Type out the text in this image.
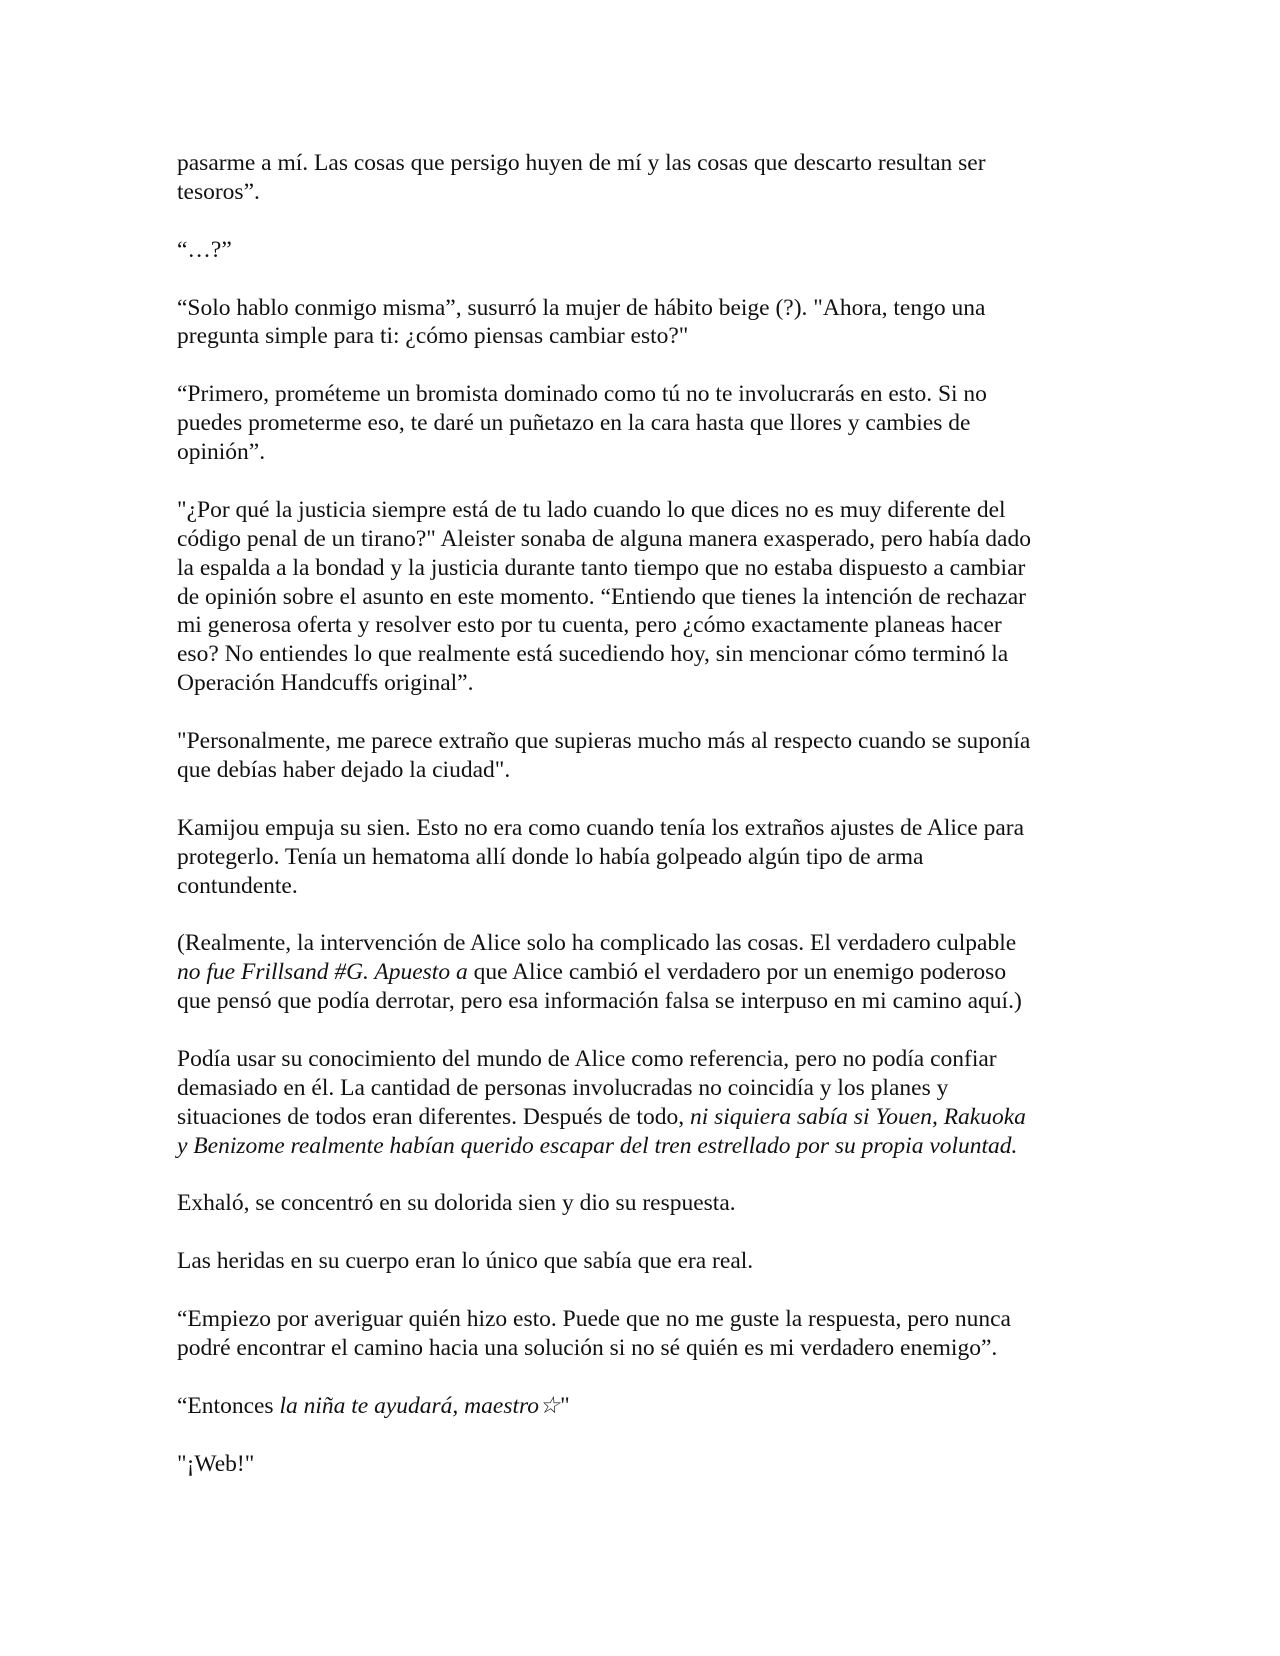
pasarme a mí. Las cosas que persigo huyen de mí y las cosas que descarto resultan ser
tesoros”.

“…?”

“Solo hablo conmigo misma”, susurró la mujer de hábito beige (?). "Ahora, tengo una
pregunta simple para ti: ¿cómo piensas cambiar esto?"

“Primero, prométeme un bromista dominado como tú no te involucrarás en esto. Si no
puedes prometerme eso, te daré un puñetazo en la cara hasta que llores y cambies de
opinión”.

"¿Por qué la justicia siempre está de tu lado cuando lo que dices no es muy diferente del
código penal de un tirano?" Aleister sonaba de alguna manera exasperado, pero había dado
la espalda a la bondad y la justicia durante tanto tiempo que no estaba dispuesto a cambiar
de opinión sobre el asunto en este momento. “Entiendo que tienes la intención de rechazar
mi generosa oferta y resolver esto por tu cuenta, pero ¿cómo exactamente planeas hacer
eso? No entiendes lo que realmente está sucediendo hoy, sin mencionar cómo terminó la
Operación Handcuffs original”.

"Personalmente, me parece extraño que supieras mucho más al respecto cuando se suponía
que debías haber dejado la ciudad".

Kamijou empuja su sien. Esto no era como cuando tenía los extraños ajustes de Alice para
protegerlo. Tenía un hematoma allí donde lo había golpeado algún tipo de arma
contundente.

(Realmente, la intervención de Alice solo ha complicado las cosas. El verdadero culpable
no fue Frillsand #G. Apuesto a que Alice cambió el verdadero por un enemigo poderoso
que pensó que podía derrotar, pero esa información falsa se interpuso en mi camino aquí.)

Podía usar su conocimiento del mundo de Alice como referencia, pero no podía confiar
demasiado en él. La cantidad de personas involucradas no coincidía y los planes y
situaciones de todos eran diferentes. Después de todo, ni siquiera sabía si Youen, Rakuoka
y Benizome realmente habían querido escapar del tren estrellado por su propia voluntad.

Exhaló, se concentró en su dolorida sien y dio su respuesta.

Las heridas en su cuerpo eran lo único que sabía que era real.

“Empiezo por averiguar quién hizo esto. Puede que no me guste la respuesta, pero nunca
podré encontrar el camino hacia una solución si no sé quién es mi verdadero enemigo”.

“Entonces la niña te ayudará, maestro☆"

"¡Web!"
